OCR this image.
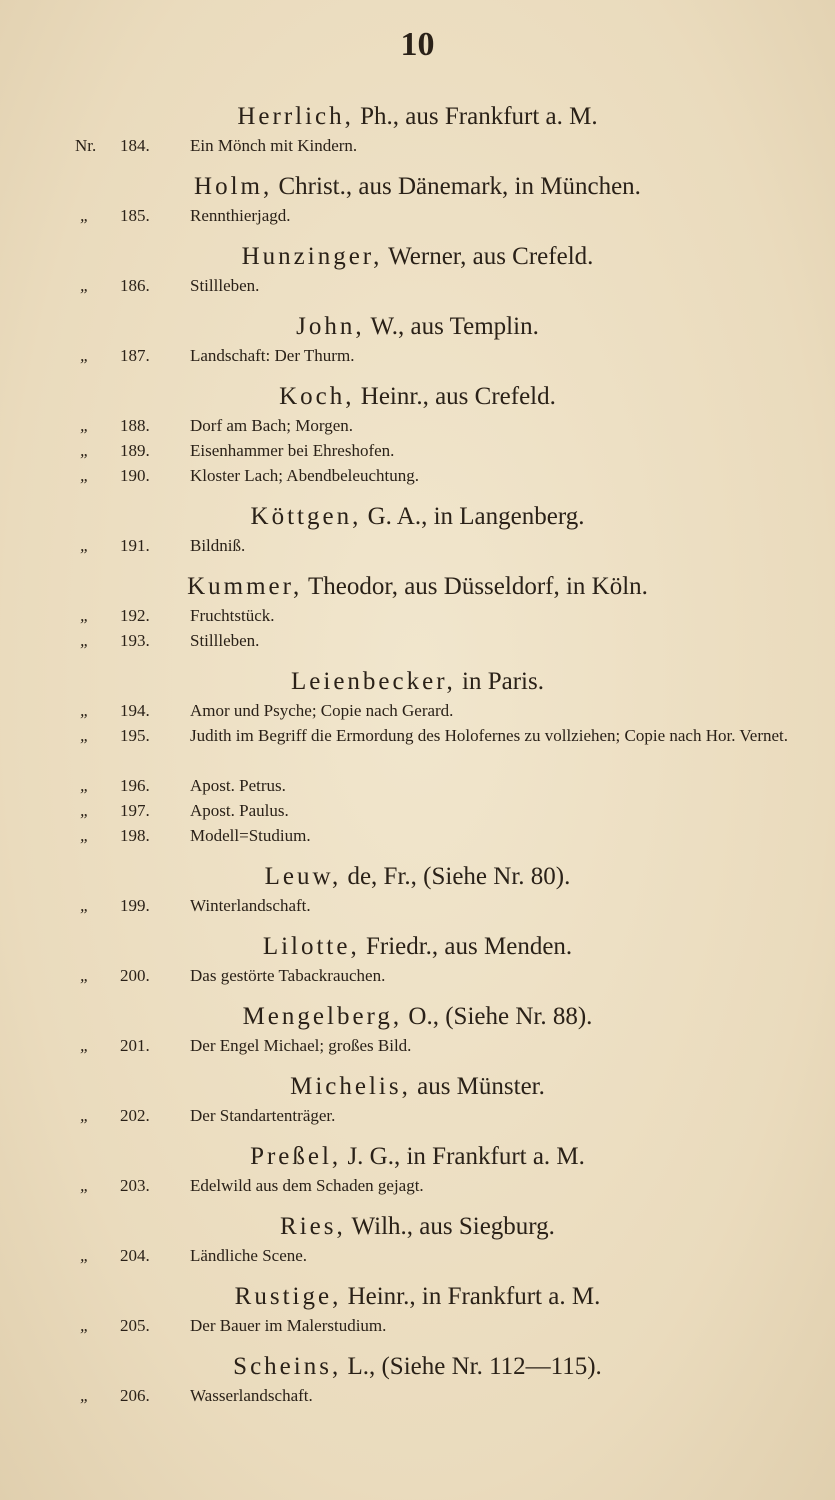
10
Herrlich, Ph., aus Frankfurt a. M.
Nr. 184. Ein Mönch mit Kindern.
Holm, Christ., aus Dänemark, in München.
„ 185. Rennthierjagd.
Hunzinger, Werner, aus Crefeld.
„ 186. Stillleben.
John, W., aus Templin.
„ 187. Landschaft: Der Thurm.
Koch, Heinr., aus Crefeld.
„ 188. Dorf am Bach; Morgen.
„ 189. Eisenhammer bei Ehreshofen.
„ 190. Kloster Lach; Abendbeleuchtung.
Köttgen, G. A., in Langenberg.
„ 191. Bildniß.
Kummer, Theodor, aus Düsseldorf, in Köln.
„ 192. Fruchtstück.
„ 193. Stillleben.
Leienbecker, in Paris.
„ 194. Amor und Psyche; Copie nach Gerard.
„ 195. Judith im Begriff die Ermordung des Holofernes zu vollziehen; Copie nach Hor. Vernet.
„ 196. Apost. Petrus.
„ 197. Apost. Paulus.
„ 198. Modell=Studium.
Leuw, de, Fr., (Siehe Nr. 80).
„ 199. Winterlandschaft.
Lilotte, Friedr., aus Menden.
„ 200. Das gestörte Tabackrauchen.
Mengelberg, O., (Siehe Nr. 88).
„ 201. Der Engel Michael; großes Bild.
Michelis, aus Münster.
„ 202. Der Standartenträger.
Preßel, J. G., in Frankfurt a. M.
„ 203. Edelwild aus dem Schaden gejagt.
Ries, Wilh., aus Siegburg.
„ 204. Ländliche Scene.
Rustige, Heinr., in Frankfurt a. M.
„ 205. Der Bauer im Malerstudium.
Scheins, L., (Siehe Nr. 112—115).
„ 206. Wasserlandschaft.
